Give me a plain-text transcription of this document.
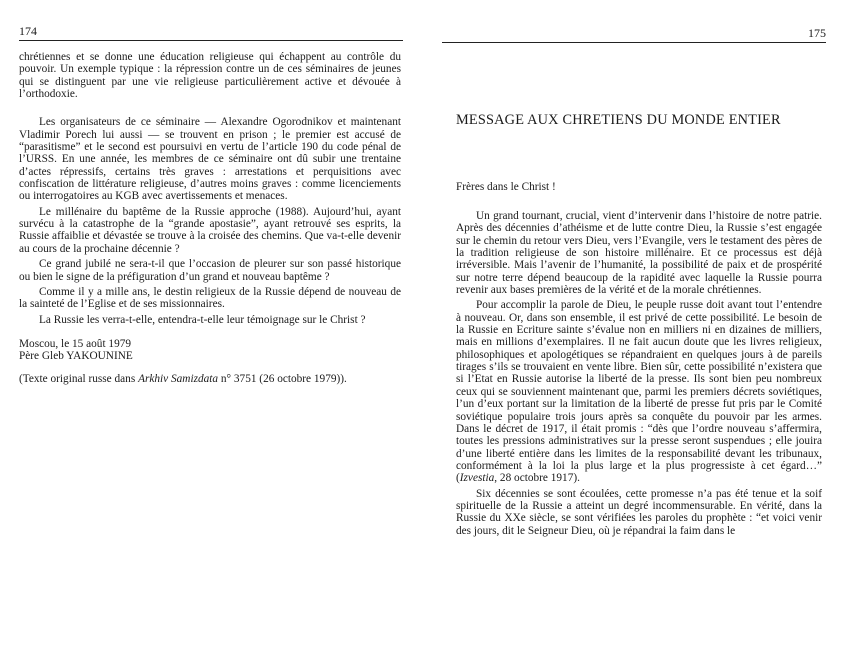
174

chrétiennes et se donne une éducation religieuse qui échappent au contrôle du pouvoir. Un exemple typique : la répression contre un de ces séminaires de jeunes qui se distinguent par une vie religieuse particulièrement active et dévouée à l’orthodoxie.

Les organisateurs de ce séminaire — Alexandre Ogorodnikov et maintenant Vladimir Porech lui aussi — se trouvent en prison ; le premier est accusé de “parasitisme” et le second est poursuivi en vertu de l’article 190 du code pénal de l’URSS. En une année, les membres de ce séminaire ont dû subir une trentaine d’actes répressifs, certains très graves : arrestations et perquisitions avec confiscation de littérature religieuse, d’autres moins graves : comme licenciements ou interrogatoires au KGB avec avertissements et menaces.

Le millénaire du baptême de la Russie approche (1988). Aujourd’hui, ayant survécu à la catastrophe de la “grande apostasie”, ayant retrouvé ses esprits, la Russie affaiblie et dévastée se trouve à la croisée des chemins. Que va-t-elle devenir au cours de la prochaine décennie ?

Ce grand jubilé ne sera-t-il que l’occasion de pleurer sur son passé historique ou bien le signe de la préfiguration d’un grand et nouveau baptême ?

Comme il y a mille ans, le destin religieux de la Russie dépend de nouveau de la sainteté de l’Eglise et de ses missionnaires.

La Russie les verra-t-elle, entendra-t-elle leur témoignage sur le Christ ?

Moscou, le 15 août 1979

Père Gleb YAKOUNINE

(Texte original russe dans Arkhiv Samizdata n° 3751 (26 octobre 1979)).

175
MESSAGE AUX CHRETIENS DU MONDE ENTIER
Frères dans le Christ !

Un grand tournant, crucial, vient d’intervenir dans l’histoire de notre patrie. Après des décennies d’athéisme et de lutte contre Dieu, la Russie s’est engagée sur le chemin du retour vers Dieu, vers l’Evangile, vers le testament des pères de la tradition religieuse de son histoire millénaire. Et ce processus est déjà irréversible. Mais l’avenir de l’humanité, la possibilité de paix et de prospérité sur notre terre dépend beaucoup de la rapidité avec laquelle la Russie pourra revenir aux bases premières de la vérité et de la morale chrétiennes.

Pour accomplir la parole de Dieu, le peuple russe doit avant tout l’entendre à nouveau. Or, dans son ensemble, il est privé de cette possibilité. Le besoin de la Russie en Ecriture sainte s’évalue non en milliers ni en dizaines de milliers, mais en millions d’exemplaires. Il ne fait aucun doute que les livres religieux, philosophiques et apologétiques se répandraient en quelques jours à de pareils tirages s’ils se trouvaient en vente libre. Bien sûr, cette possibilité n’existera que si l’Etat en Russie autorise la liberté de la presse. Ils sont bien peu nombreux ceux qui se souviennent maintenant que, parmi les premiers décrets soviétiques, l’un d’eux portant sur la limitation de la liberté de presse fut pris par le Comité soviétique populaire trois jours après sa conquête du pouvoir par les armes. Dans le décret de 1917, il était promis : “dès que l’ordre nouveau s’affermira, toutes les pressions administratives sur la presse seront suspendues ; elle jouira d’une liberté entière dans les limites de la responsabilité devant les tribunaux, conformément à la loi la plus large et la plus progressiste à cet égard…” (Izvestia, 28 octobre 1917).

Six décennies se sont écoulées, cette promesse n’a pas été tenue et la soif spirituelle de la Russie a atteint un degré incommensurable. En vérité, dans la Russie du XXe siècle, se sont vérifiées les paroles du prophète : “et voici venir des jours, dit le Seigneur Dieu, où je répandrai la faim dans le
